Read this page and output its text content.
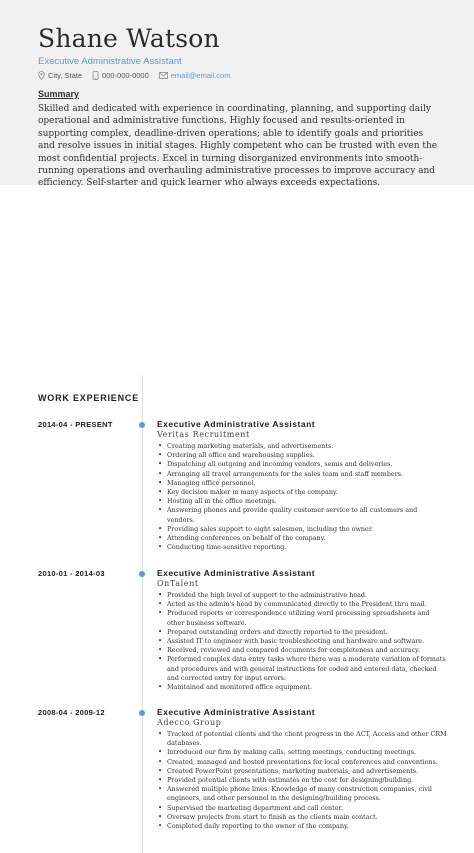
Shane Watson
Executive Administrative Assistant
City, State	000-000-0000	email@email.com
Summary
Skilled and dedicated with experience in coordinating, planning, and supporting daily operational and administrative functions. Highly focused and results-oriented in supporting complex, deadline-driven operations; able to identify goals and priorities and resolve issues in initial stages. Highly competent who can be trusted with even the most confidential projects. Excel in turning disorganized environments into smooth-running operations and overhauling administrative processes to improve accuracy and efficiency. Self-starter and quick learner who always exceeds expectations.
WORK EXPERIENCE
2014-04 - PRESENT	Executive Administrative Assistant
Veritas Recruitment
• Creating marketing materials, and advertisements.
• Ordering all office and warehousing supplies.
• Dispatching all outgoing and incoming vendors, semis and deliveries.
• Arranging all travel arrangements for the sales team and staff members.
• Managing office personnel.
• Key decision maker in many aspects of the company.
• Hosting all in the office meetings.
• Answering phones and provide quality customer service to all customers and vendors.
• Providing sales support to eight salesmen, including the owner.
• Attending conferences on behalf of the company.
• Conducting time-sensitive reporting.
2010-01 - 2014-03	Executive Administrative Assistant
OnTalent
• Provided the high level of support to the administrative head.
• Acted as the admin's head by communicated directly to the President thru mail.
• Produced reports or correspondence utilizing word processing spreadsheets and other business software.
• Prepared outstanding orders and directly reported to the president.
• Assisted IT to engineer with basic troubleshooting and hardware and software.
• Received, reviewed and compared documents for completeness and accuracy.
• Performed complex data entry tasks where there was a moderate variation of formats and procedures and with general instructions for coded and entered data, checked and corrected entry for input errors.
• Maintained and monitored office equipment.
2008-04 - 2009-12	Executive Administrative Assistant
Adecco Group
• Tracked of potential clients and the client progress in the ACT, Access and other CRM databases.
• Introduced our firm by making calls, setting meetings, conducting meetings.
• Created, managed and hosted presentations for local conferences and conventions.
• Created PowerPoint presentations, marketing materials, and advertisements.
• Provided potential clients with estimates on the cost for designing/building.
• Answered multiple phone lines. Knowledge of many construction companies, civil engineers, and other personnel in the designing/building process.
• Supervised the marketing department and call center.
• Oversaw projects from start to finish as the clients main contact.
• Completed daily reporting to the owner of the company.
